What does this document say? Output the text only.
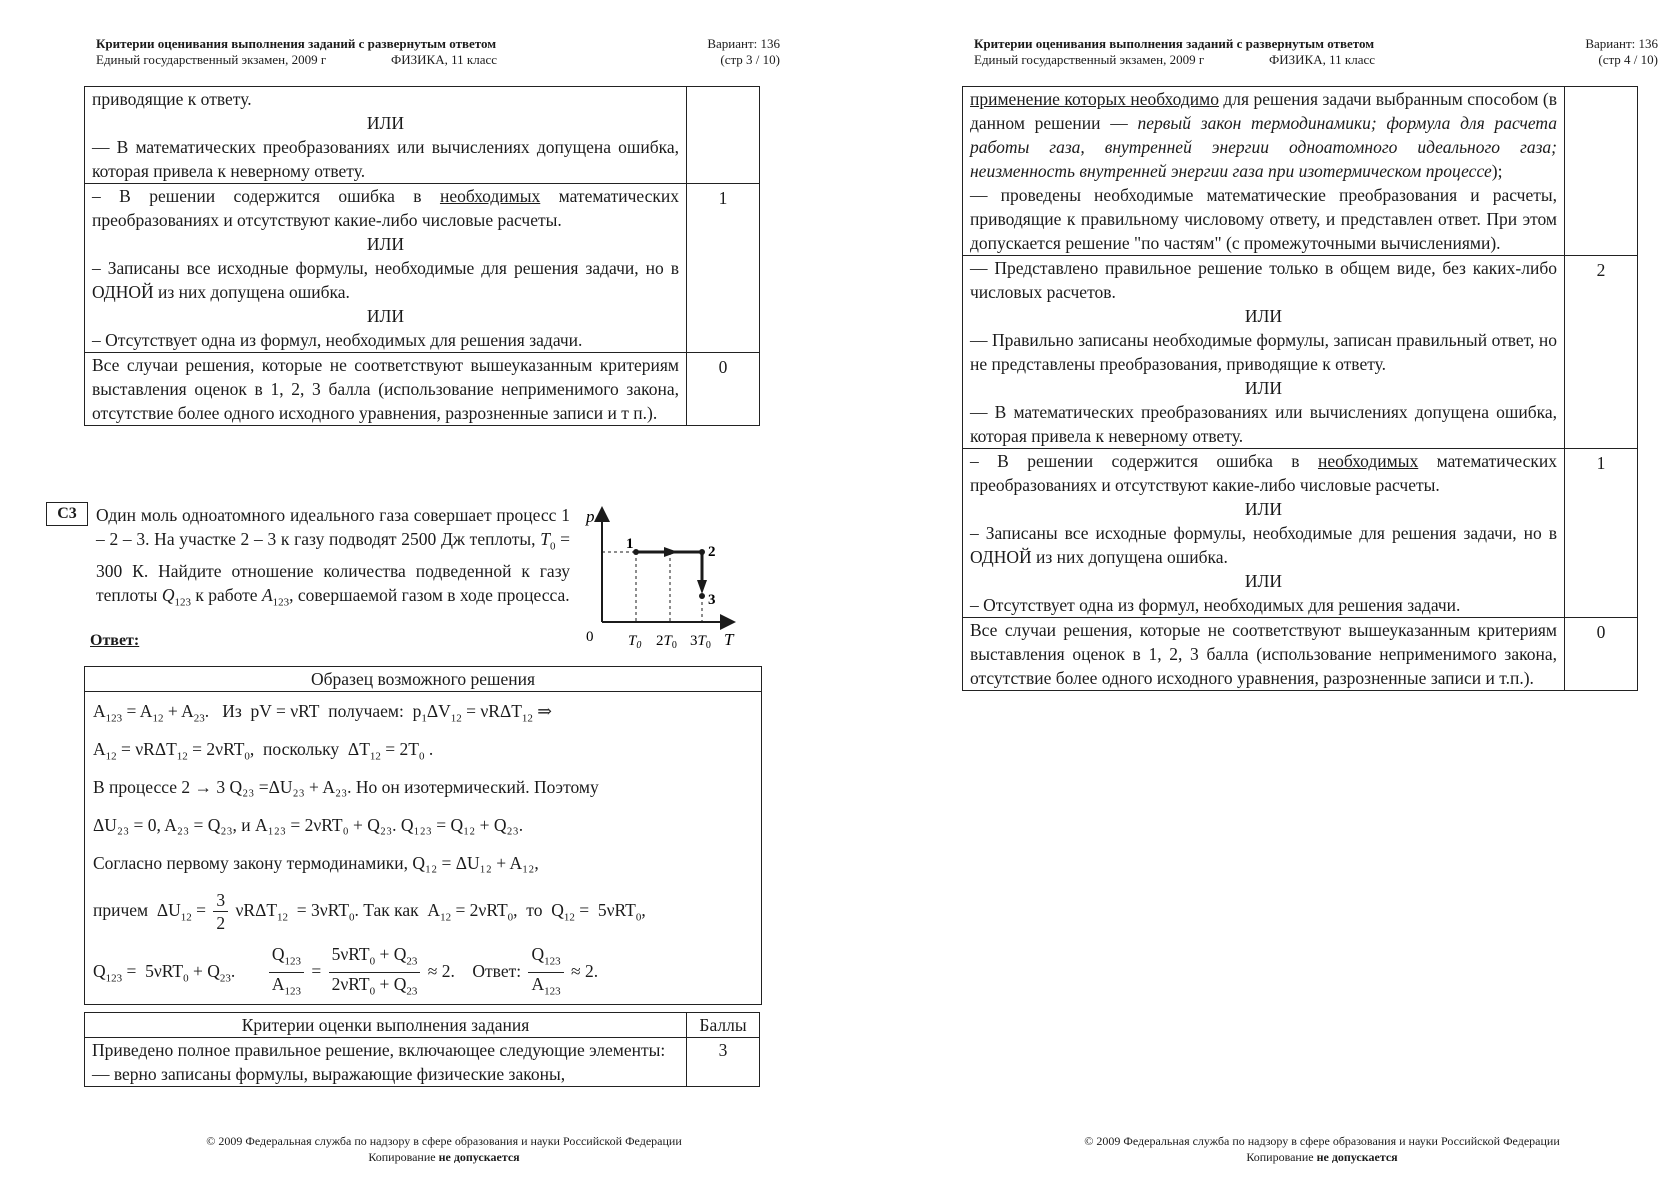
Критерии оценивания выполнения заданий с развернутым ответом
Единый государственный экзамен, 2009 г	ФИЗИКА, 11 класс
Вариант: 136
(стр 3 / 10)
© 2009 Федеральная служба по надзору в сфере образования и науки Российской Федерации
Копирование не допускается
приводящие к ответу.
ИЛИ
— В математических преобразованиях или вычислениях допущена ошибка, которая привела к неверному ответу.	
– В решении содержится ошибка в необходимых математических преобразованиях и отсутствуют какие-либо числовые расчеты.
ИЛИ
– Записаны все исходные формулы, необходимые для решения задачи, но в ОДНОЙ из них допущена ошибка.
ИЛИ
– Отсутствует одна из формул, необходимых для решения задачи.	1
Все случаи решения, которые не соответствуют вышеуказанным критериям выставления оценок в 1, 2, 3 балла (использование неприменимого закона, отсутствие более одного исходного уравнения, разрозненные записи и т п.).	0
C3	Один моль одноатомного идеального газа совершает процесс 1 – 2 – 3. На участке 2 – 3 к газу подводят 2500 Дж теплоты, $T_0 = 300$ К. Найдите отношение количества подведенной к газу теплоты $Q_{123}$ к работе $A_{123}$, совершаемой газом в ходе процесса.
Ответ:
p
T
0 $T_0$ $2T_0$ $3T_0$
1	2
3
Образец возможного решения
$A_{123} = A_{12} + A_{23}$.   Из  pV = νRT  получаем:  $p_1\Delta V_{12} = \nu R\Delta T_{12}$ ⇒
$A_{12} = \nu R\Delta T_{12} = 2\nu RT_0$,  поскольку  $\Delta T_{12} = 2T_0$ .
В процессе 2 → 3 Q₂₃ =ΔU₂₃ + A₂₃. Но он изотермический. Поэтому
ΔU₂₃ = 0, A₂₃ = Q₂₃, и A₁₂₃ = 2νRT₀ + Q₂₃. Q₁₂₃ = Q₁₂ + Q₂₃.
Согласно первому закону термодинамики, Q₁₂ = ΔU₁₂ + A₁₂,
причем  $\Delta U_{12} = \frac{3}{2} \nu R\Delta T_{12} = 3\nu RT_0$. Так как  $A_{12} = 2\nu RT_0$,  то  $Q_{12} = 5\nu RT_0$,
$Q_{123} = 5\nu RT_0 + Q_{23}$. $\frac{Q_{123}}{A_{123}} = \frac{5\nu RT_0 + Q_{23}}{2\nu RT_0 + Q_{23}} \approx 2$.    Ответ: $\frac{Q_{123}}{A_{123}} \approx 2$.
Критерии оценки выполнения задания	Баллы
Приведено полное правильное решение, включающее следующие элементы:
— верно записаны формулы, выражающие физические законы,	3
Критерии оценивания выполнения заданий с развернутым ответом
Единый государственный экзамен, 2009 г	ФИЗИКА, 11 класс
Вариант: 136
(стр 4 / 10)
© 2009 Федеральная служба по надзору в сфере образования и науки Российской Федерации
Копирование не допускается
применение которых необходимо для решения задачи выбранным способом (в данном решении — первый закон термодинамики; формула для расчета работы газа, внутренней энергии одноатомного идеального газа; неизменность внутренней энергии газа при изотермическом процессе);
— проведены необходимые математические преобразования и расчеты, приводящие к правильному числовому ответу, и представлен ответ. При этом допускается решение "по частям" (с промежуточными вычислениями).	
— Представлено правильное решение только в общем виде, без каких-либо числовых расчетов.
ИЛИ
— Правильно записаны необходимые формулы, записан правильный ответ, но не представлены преобразования, приводящие к ответу.
ИЛИ
— В математических преобразованиях или вычислениях допущена ошибка, которая привела к неверному ответу.	2
– В решении содержится ошибка в необходимых математических преобразованиях и отсутствуют какие-либо числовые расчеты.
ИЛИ
– Записаны все исходные формулы, необходимые для решения задачи, но в ОДНОЙ из них допущена ошибка.
ИЛИ
– Отсутствует одна из формул, необходимых для решения задачи.	1
Все случаи решения, которые не соответствуют вышеуказанным критериям выставления оценок в 1, 2, 3 балла (использование неприменимого закона, отсутствие более одного исходного уравнения, разрозненные записи и т.п.).	0
